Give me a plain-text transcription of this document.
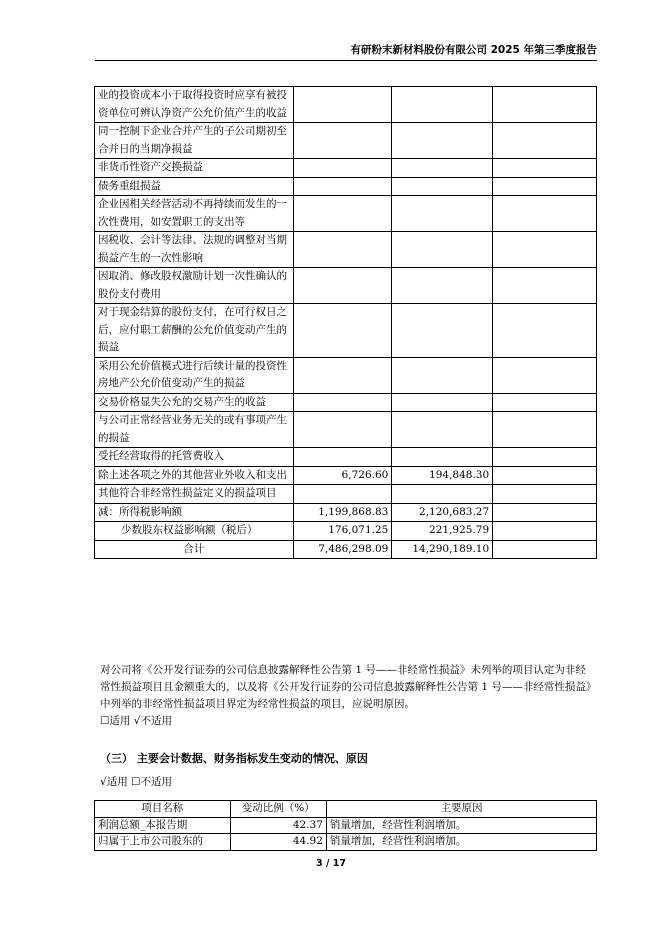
有研粉末新材料股份有限公司 2025 年第三季度报告
业的投资成本小于取得投资时应享有被投资单位可辨认净资产公允价值产生的收益			
同一控制下企业合并产生的子公司期初至合并日的当期净损益			
非货币性资产交换损益			
债务重组损益			
企业因相关经营活动不再持续而发生的一次性费用，如安置职工的支出等			
因税收、会计等法律、法规的调整对当期损益产生的一次性影响			
因取消、修改股权激励计划一次性确认的股份支付费用			
对于现金结算的股份支付，在可行权日之后，应付职工薪酬的公允价值变动产生的损益			
采用公允价值模式进行后续计量的投资性房地产公允价值变动产生的损益			
交易价格显失公允的交易产生的收益			
与公司正常经营业务无关的或有事项产生的损益			
受托经营取得的托管费收入			
除上述各项之外的其他营业外收入和支出	6,726.60	194,848.30	
其他符合非经常性损益定义的损益项目			
减：所得税影响额	1,199,868.83	2,120,683.27	
少数股东权益影响额（税后）	176,071.25	221,925.79	
合计	7,486,298.09	14,290,189.10	
对公司将《公开发行证券的公司信息披露解释性公告第 1 号——非经常性损益》未列举的项目认定为非经常性损益项目且金额重大的，以及将《公开发行证券的公司信息披露解释性公告第 1 号——非经常性损益》中列举的非经常性损益项目界定为经常性损益的项目，应说明原因。
☐适用 √不适用
（三） 主要会计数据、财务指标发生变动的情况、原因
√适用 ☐不适用
项目名称	变动比例（%）	主要原因
利润总额_本报告期	42.37	销量增加，经营性利润增加。
归属于上市公司股东的	44.92	销量增加，经营性利润增加。
3 / 17
